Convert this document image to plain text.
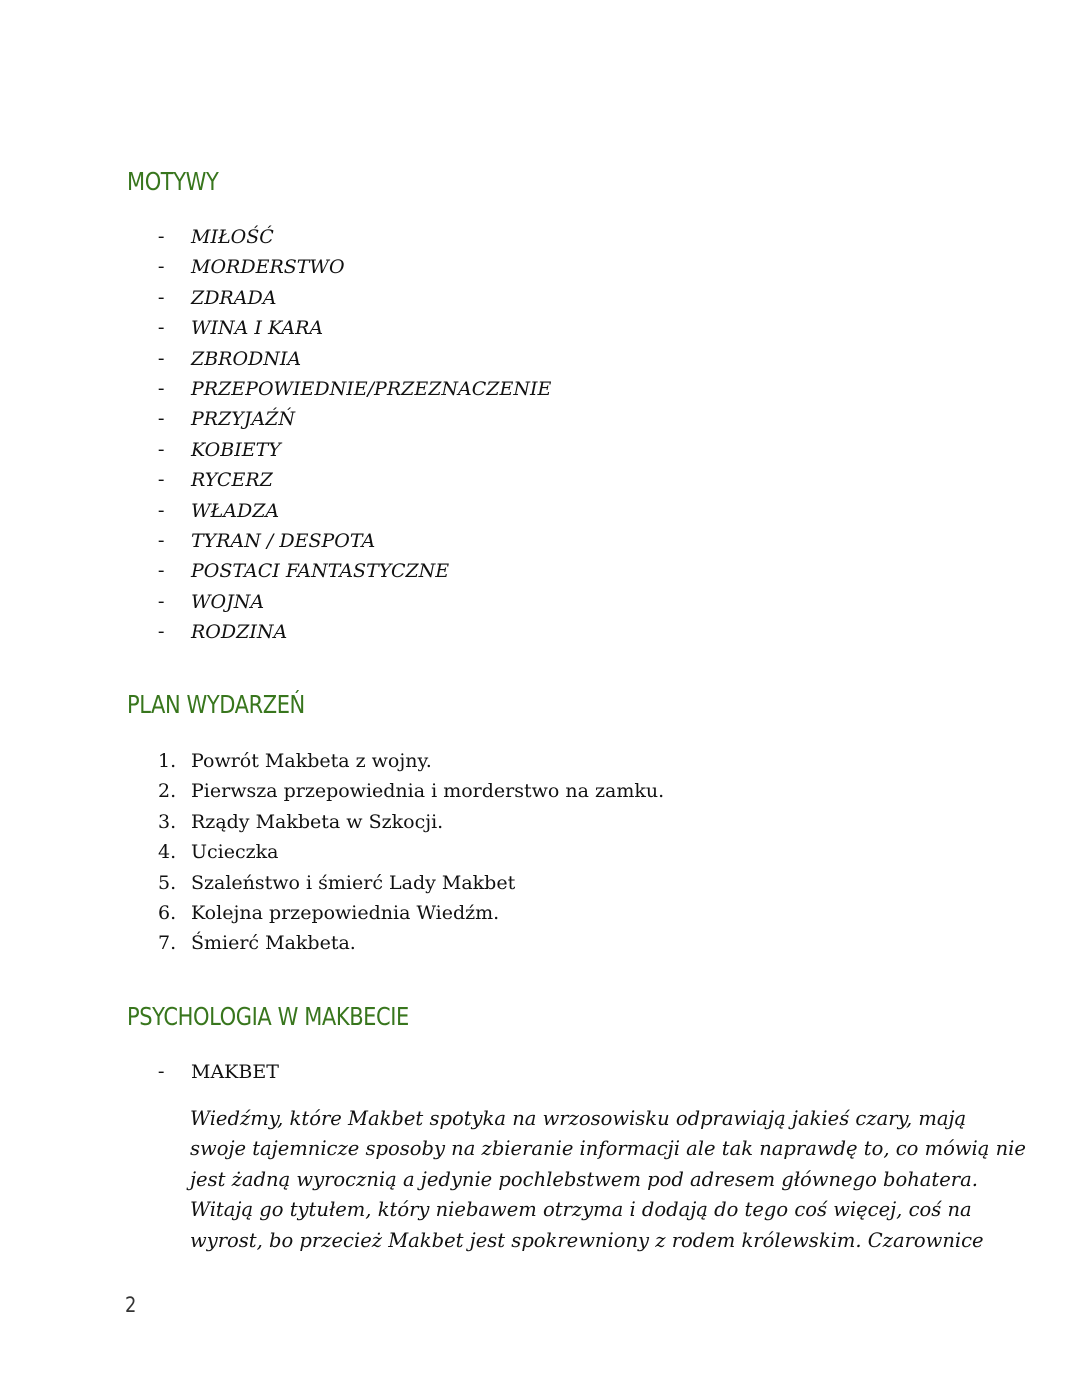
MOTYWY
- MIŁOŚĆ
- MORDERSTWO
- ZDRADA
- WINA I KARA
- ZBRODNIA
- PRZEPOWIEDNIE/PRZEZNACZENIE
- PRZYJAŹŃ
- KOBIETY
- RYCERZ
- WŁADZA
- TYRAN / DESPOTA
- POSTACI FANTASTYCZNE
- WOJNA
- RODZINA
PLAN WYDARZEŃ
1. Powrót Makbeta z wojny.
2. Pierwsza przepowiednia i morderstwo na zamku.
3. Rządy Makbeta w Szkocji.
4. Ucieczka
5. Szaleństwo i śmierć Lady Makbet
6. Kolejna przepowiednia Wiedźm.
7. Śmierć Makbeta.
PSYCHOLOGIA W MAKBECIE
- MAKBET

Wiedźmy, które Makbet spotyka na wrzosowisku odprawiają jakieś czary, mają
swoje tajemnicze sposoby na zbieranie informacji ale tak naprawdę to, co mówią nie
jest żadną wyrocznią a jedynie pochlebstwem pod adresem głównego bohatera.
Witają go tytułem, który niebawem otrzyma i dodają do tego coś więcej, coś na
wyrost, bo przecież Makbet jest spokrewniony z rodem królewskim. Czarownice

2
